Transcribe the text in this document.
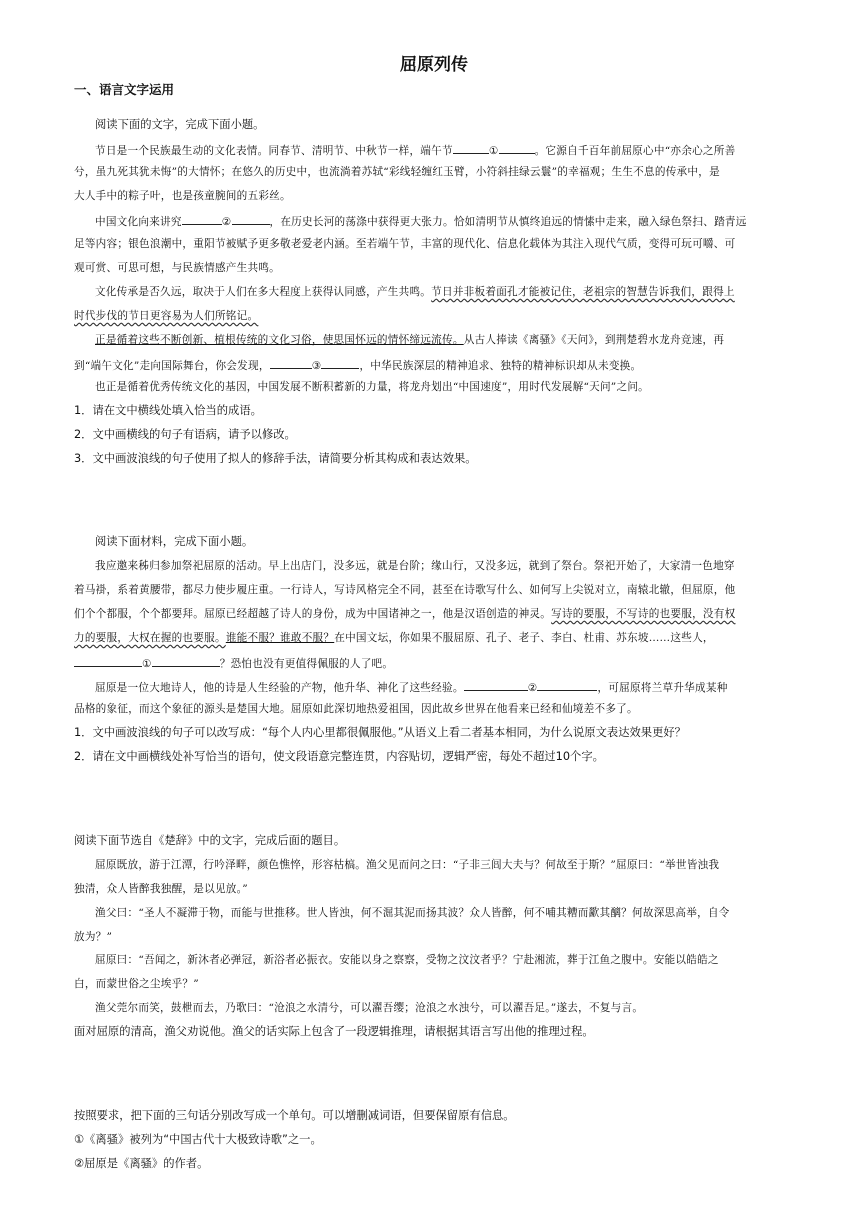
屈原列传
一、语言文字运用
阅读下面的文字，完成下面小题。
节日是一个民族最生动的文化表情。同春节、清明节、中秋节一样，端午节	①	。它源自千百年前屈原心中“亦余心之所善
兮，虽九死其犹未悔”的大情怀；在悠久的历史中，也流淌着苏轼“彩线轻缠红玉臂，小符斜挂绿云鬟”的幸福观；生生不息的传承中，是
大人手中的粽子叶，也是孩童腕间的五彩丝。
中国文化向来讲究	②	，在历史长河的荡涤中获得更大张力。恰如清明节从慎终追远的情愫中走来，融入绿色祭扫、踏青远
足等内容；银色浪潮中，重阳节被赋予更多敬老爱老内涵。至若端午节，丰富的现代化、信息化载体为其注入现代气质，变得可玩可嚼、可
观可赏、可思可想，与民族情感产生共鸣。
文化传承是否久远，取决于人们在多大程度上获得认同感，产生共鸣。节日并非板着面孔才能被记住，老祖宗的智慧告诉我们，跟得上
时代步伐的节日更容易为人们所铭记。
正是循着这些不断创新、植根传统的文化习俗，使思国怀远的情怀缔远流传。从古人捧读《离骚》《天问》，到荆楚碧水龙舟竞速，再
到“端午文化”走向国际舞台，你会发现，	③	，中华民族深层的精神追求、独特的精神标识却从未变换。
也正是循着优秀传统文化的基因，中国发展不断积蓄新的力量，将龙舟划出“中国速度”，用时代发展解“天问”之问。
1．请在文中横线处填入恰当的成语。
2．文中画横线的句子有语病，请予以修改。
3．文中画波浪线的句子使用了拟人的修辞手法，请简要分析其构成和表达效果。
阅读下面材料，完成下面小题。
我应邀来秭归参加祭祀屈原的活动。早上出店门，没多远，就是台阶；缘山行，又没多远，就到了祭台。祭祀开始了，大家清一色地穿
着马褂，系着黄腰带，都尽力使步履庄重。一行诗人，写诗风格完全不同，甚至在诗歌写什么、如何写上尖锐对立，南辕北辙，但屈原，他
们个个都服，个个都要拜。屈原已经超越了诗人的身份，成为中国诸神之一，他是汉语创造的神灵。写诗的要服，不写诗的也要服，没有权
力的要服，大权在握的也要服。谁能不服？谁敢不服？在中国文坛，你如果不服屈原、孔子、老子、李白、杜甫、苏东坡……这些人，
①	？恐怕也没有更值得佩服的人了吧。
屈原是一位大地诗人，他的诗是人生经验的产物，他升华、神化了这些经验。	②	，可屈原将兰草升华成某种
品格的象征，而这个象征的源头是楚国大地。屈原如此深切地热爱祖国，因此故乡世界在他看来已经和仙境差不多了。
1．文中画波浪线的句子可以改写成：“每个人内心里都很佩服他。”从语义上看二者基本相同，为什么说原文表达效果更好？
2．请在文中画横线处补写恰当的语句，使文段语意完整连贯，内容贴切，逻辑严密，每处不超过10个字。
阅读下面节选自《楚辞》中的文字，完成后面的题目。
屈原既放，游于江潭，行吟泽畔，颜色憔悴，形容枯槁。渔父见而问之曰：“子非三闾大夫与？何故至于斯？”屈原曰：“举世皆浊我
独清，众人皆醉我独醒，是以见放。”
渔父曰：“圣人不凝滞于物，而能与世推移。世人皆浊，何不淈其泥而扬其波？众人皆醉，何不哺其糟而歠其醨？何故深思高举，自令
放为？”
屈原曰：“吾闻之，新沐者必弹冠，新浴者必振衣。安能以身之察察，受物之汶汶者乎？宁赴湘流，葬于江鱼之腹中。安能以皓皓之
白，而蒙世俗之尘埃乎？”
渔父莞尔而笑，鼓枻而去，乃歌曰：“沧浪之水清兮，可以濯吾缨；沧浪之水浊兮，可以濯吾足。”遂去，不复与言。
面对屈原的清高，渔父劝说他。渔父的话实际上包含了一段逻辑推理，请根据其语言写出他的推理过程。
按照要求，把下面的三句话分别改写成一个单句。可以增删减词语，但要保留原有信息。
①《离骚》被列为“中国古代十大极致诗歌”之一。
②屈原是《离骚》的作者。
